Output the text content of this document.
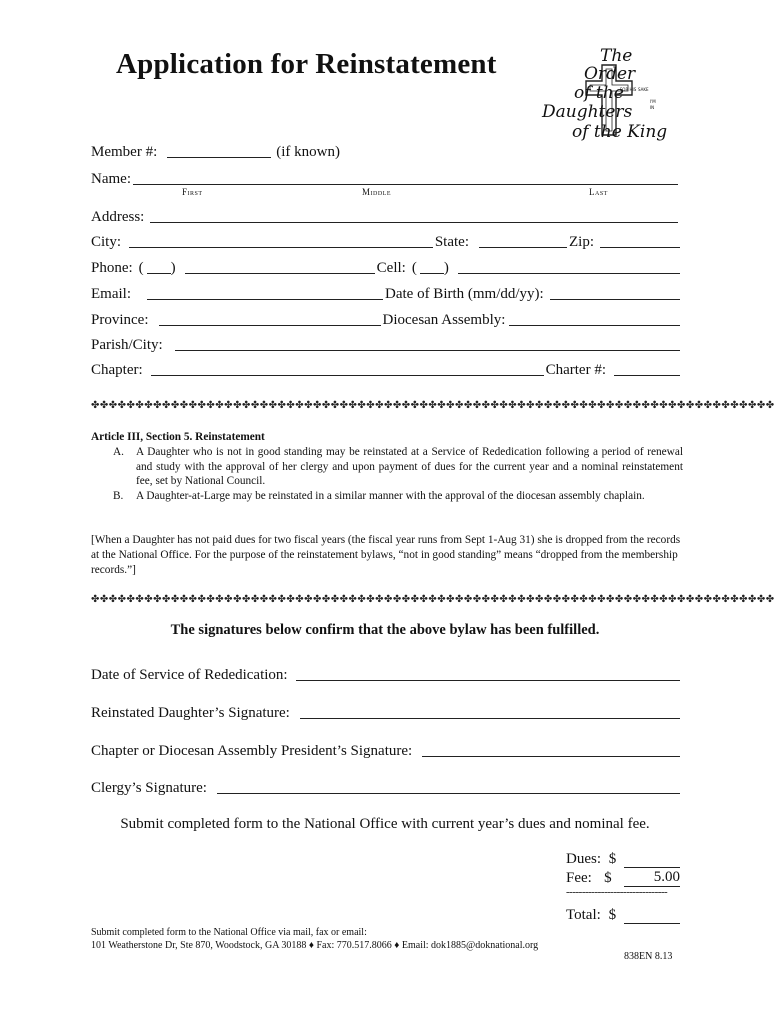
Application for Reinstatement	The
Order
of the
Daughters
of the King
FOR HIS SAKE
I'M
IN
Member #:	(if known)
Name:
First	Middle	Last
Address:
City:	State:	Zip:
Phone: ( )	Cell: ( )
Email:	Date of Birth (mm/dd/yy):
Province:	Diocesan Assembly:
Parish/City:
Chapter:	Charter #:
✤✤✤✤✤✤✤✤✤✤✤✤✤✤✤✤✤✤✤✤✤✤✤✤✤✤✤✤✤✤✤✤✤✤✤✤✤✤✤✤✤✤✤✤✤✤✤✤✤✤✤✤✤✤✤✤✤✤✤✤✤✤✤✤✤✤✤✤✤✤✤✤✤✤✤✤✤
Article III, Section 5. Reinstatement
A.	A Daughter who is not in good standing may be reinstated at a Service of Rededication following a period of renewal and study with the approval of her clergy and upon payment of dues for the current year and a nominal reinstatement fee, set by National Council.
B.	A Daughter-at-Large may be reinstated in a similar manner with the approval of the diocesan assembly chaplain.
[When a Daughter has not paid dues for two fiscal years (the fiscal year runs from Sept 1-Aug 31) she is dropped from the records at the National Office. For the purpose of the reinstatement bylaws, “not in good standing” means “dropped from the membership records.”]
✤✤✤✤✤✤✤✤✤✤✤✤✤✤✤✤✤✤✤✤✤✤✤✤✤✤✤✤✤✤✤✤✤✤✤✤✤✤✤✤✤✤✤✤✤✤✤✤✤✤✤✤✤✤✤✤✤✤✤✤✤✤✤✤✤✤✤✤✤✤✤✤✤✤✤✤✤
The signatures below confirm that the above bylaw has been fulfilled.
Date of Service of Rededication:
Reinstated Daughter’s Signature:
Chapter or Diocesan Assembly President’s Signature:
Clergy’s Signature:
Submit completed form to the National Office with current year’s dues and nominal fee.
Dues: $
Fee: $	5.00
--------------------------------
Total: $
Submit completed form to the National Office via mail, fax or email:
101 Weatherstone Dr, Ste 870, Woodstock, GA 30188 ♦ Fax: 770.517.8066 ♦ Email: dok1885@doknational.org
838EN 8.13
